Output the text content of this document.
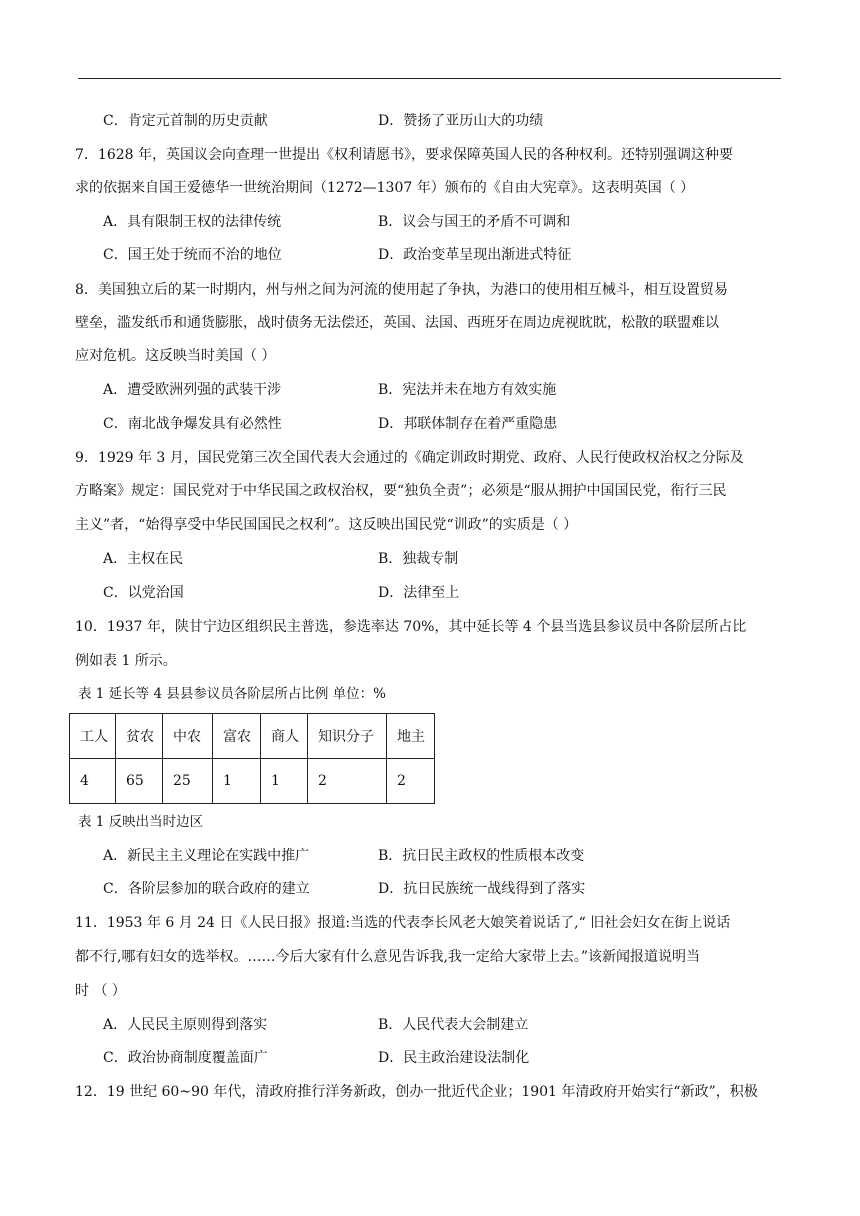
C．肯定元首制的历史贡献	D．赞扬了亚历山大的功绩
7．1628 年，英国议会向查理一世提出《权利请愿书》，要求保障英国人民的各种权利。还特别强调这种要
求的依据来自国王爱德华一世统治期间（1272—1307 年）颁布的《自由大宪章》。这表明英国（ ）
A．具有限制王权的法律传统	B．议会与国王的矛盾不可调和
C．国王处于统而不治的地位	D．政治变革呈现出渐进式特征
8．美国独立后的某一时期内，州与州之间为河流的使用起了争执，为港口的使用相互械斗，相互设置贸易
壁垒，滥发纸币和通货膨胀，战时债务无法偿还，英国、法国、西班牙在周边虎视眈眈，松散的联盟难以
应对危机。这反映当时美国（ ）
A．遭受欧洲列强的武装干涉	B．宪法并未在地方有效实施
C．南北战争爆发具有必然性	D．邦联体制存在着严重隐患
9．1929 年 3 月，国民党第三次全国代表大会通过的《确定训政时期党、政府、人民行使政权治权之分际及
方略案》规定：国民党对于中华民国之政权治权，要“独负全责”；必须是“服从拥护中国国民党，衔行三民
主义”者，“始得享受中华民国国民之权利”。这反映出国民党“训政”的实质是（ ）
A．主权在民	B．独裁专制
C．以党治国	D．法律至上
10．1937 年，陕甘宁边区组织民主普选，参选率达 70%，其中延长等 4 个县当选县参议员中各阶层所占比
例如表 1 所示。
表 1 延长等 4 县县参议员各阶层所占比例 单位：%
工人	贫农	中农	富农	商人	知识分子	地主
4	65	25	1	1	2	2
表 1 反映出当时边区
A．新民主主义理论在实践中推广	B．抗日民主政权的性质根本改变
C．各阶层参加的联合政府的建立	D．抗日民族统一战线得到了落实
11．1953 年 6 月 24 日《人民日报》报道:当选的代表李长风老大娘笑着说话了,“ 旧社会妇女在街上说话
都不行,哪有妇女的选举权。……今后大家有什么意见告诉我,我一定给大家带上去。”该新闻报道说明当
时 （ ）
A．人民民主原则得到落实	B．人民代表大会制建立
C．政治协商制度覆盖面广	D．民主政治建设法制化
12．19 世纪 60~90 年代，清政府推行洋务新政，创办一批近代企业；1901 年清政府开始实行“新政”，积极
